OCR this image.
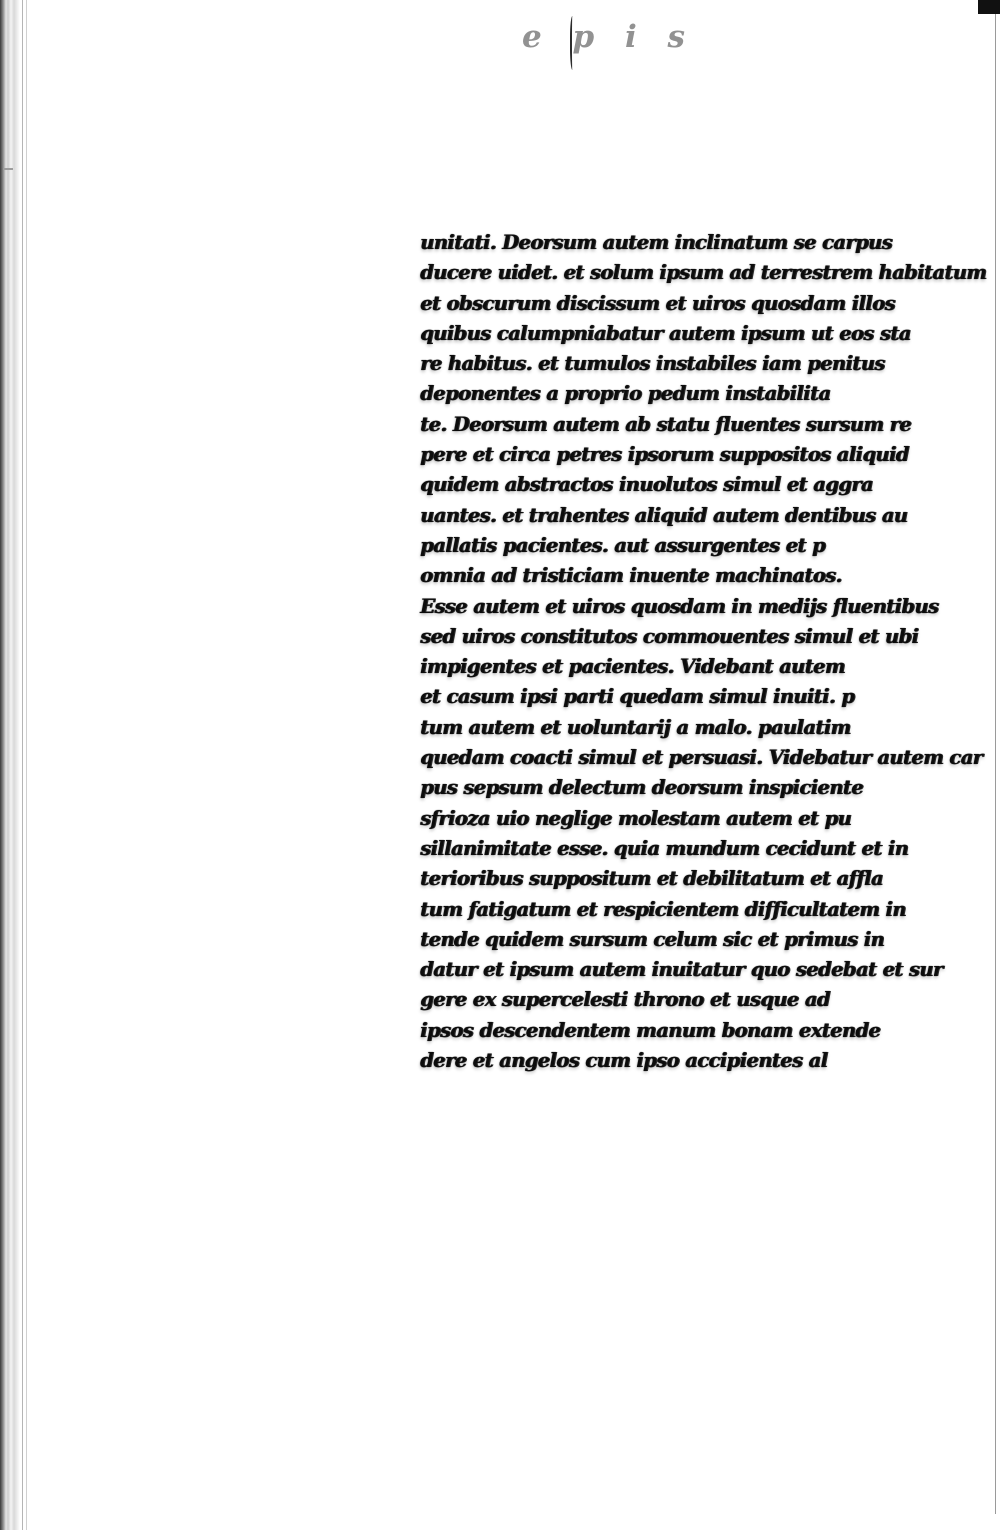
e p i s
unitati. Deorsum autem inclinatum se carpus
ducere uidet. et solum ipsum ad terrestrem habitatum
et obscurum discissum et uiros quosdam illos
quibus calumpniabatur autem ipsum ut eos sta
re habitus. et tumulos instabiles iam penitus
deponentes a proprio pedum instabilita
te. Deorsum autem ab statu fluentes sursum re
pere et circa petres ipsorum suppositos aliquid
quidem abstractos inuolutos simul et aggra
uantes. et trahentes aliquid autem dentibus au
pallatis pacientes. aut assurgentes et p
omnia ad tristiciam inuente machinatos.
Esse autem et uiros quosdam in medijs fluentibus
sed uiros constitutos commouentes simul et ubi
impigentes et pacientes. Videbant autem
et casum ipsi parti quedam simul inuiti. p
tum autem et uoluntarij a malo. paulatim
quedam coacti simul et persuasi. Videbatur autem car
pus sepsum delectum deorsum inspiciente
sfrioza uio neglige molestam autem et pu
sillanimitate esse. quia mundum cecidunt et in
terioribus suppositum et debilitatum et affla
tum fatigatum et respicientem difficultatem in
tende quidem sursum celum sic et primus in
datur et ipsum autem inuitatur quo sedebat et sur
gere ex supercelesti throno et usque ad
ipsos descendentem manum bonam extende
dere et angelos cum ipso accipientes al
